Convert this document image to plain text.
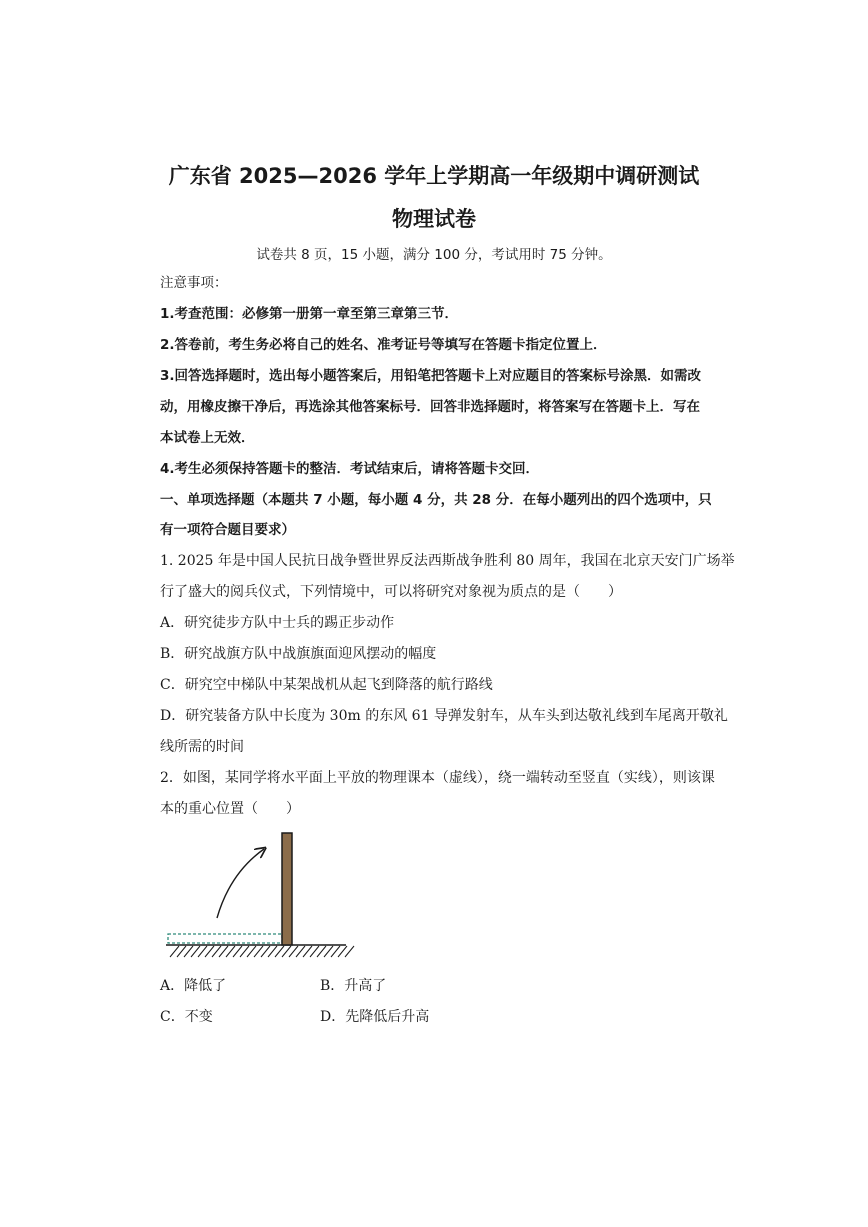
广东省 2025—2026 学年上学期高一年级期中调研测试
物理试卷
试卷共 8 页，15 小题，满分 100 分，考试用时 75 分钟。
注意事项：
1.考查范围：必修第一册第一章至第三章第三节．
2.答卷前，考生务必将自己的姓名、准考证号等填写在答题卡指定位置上．
3.回答选择题时，选出每小题答案后，用铅笔把答题卡上对应题目的答案标号涂黑．如需改
动，用橡皮擦干净后，再选涂其他答案标号．回答非选择题时，将答案写在答题卡上．写在
本试卷上无效．
4.考生必须保持答题卡的整洁．考试结束后，请将答题卡交回．
一、单项选择题（本题共 7 小题，每小题 4 分，共 28 分．在每小题列出的四个选项中，只
有一项符合题目要求）
1. 2025 年是中国人民抗日战争暨世界反法西斯战争胜利 80 周年，我国在北京天安门广场举
行了盛大的阅兵仪式，下列情境中，可以将研究对象视为质点的是（　　）
A．研究徒步方队中士兵的踢正步动作
B．研究战旗方队中战旗旗面迎风摆动的幅度
C．研究空中梯队中某架战机从起飞到降落的航行路线
D．研究装备方队中长度为 30m 的东风 61 导弹发射车，从车头到达敬礼线到车尾离开敬礼
线所需的时间
2．如图，某同学将水平面上平放的物理课本（虚线），绕一端转动至竖直（实线），则该课
本的重心位置（　　）
A．降低了	B．升高了
C．不变	D．先降低后升高
